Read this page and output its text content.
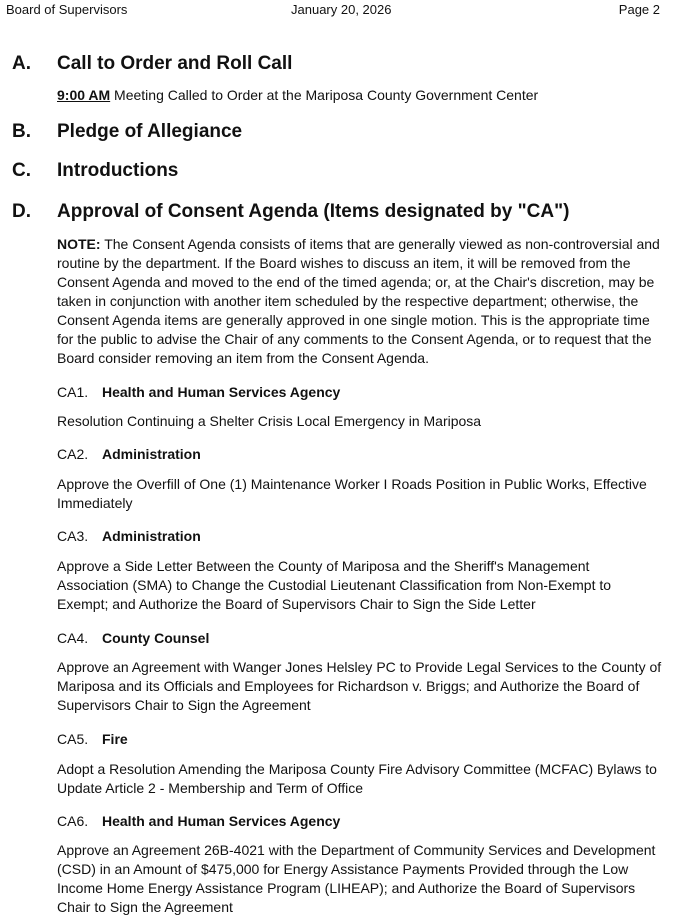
Board of Supervisors	January 20, 2026	Page 2
A. Call to Order and Roll Call
9:00 AM Meeting Called to Order at the Mariposa County Government Center
B. Pledge of Allegiance
C. Introductions
D. Approval of Consent Agenda (Items designated by "CA")
NOTE: The Consent Agenda consists of items that are generally viewed as non-controversial and routine by the department. If the Board wishes to discuss an item, it will be removed from the Consent Agenda and moved to the end of the timed agenda; or, at the Chair's discretion, may be taken in conjunction with another item scheduled by the respective department; otherwise, the Consent Agenda items are generally approved in one single motion. This is the appropriate time for the public to advise the Chair of any comments to the Consent Agenda, or to request that the Board consider removing an item from the Consent Agenda.
CA1. Health and Human Services Agency
Resolution Continuing a Shelter Crisis Local Emergency in Mariposa
CA2. Administration
Approve the Overfill of One (1) Maintenance Worker I Roads Position in Public Works, Effective Immediately
CA3. Administration
Approve a Side Letter Between the County of Mariposa and the Sheriff's Management Association (SMA) to Change the Custodial Lieutenant Classification from Non-Exempt to Exempt; and Authorize the Board of Supervisors Chair to Sign the Side Letter
CA4. County Counsel
Approve an Agreement with Wanger Jones Helsley PC to Provide Legal Services to the County of Mariposa and its Officials and Employees for Richardson v. Briggs; and Authorize the Board of Supervisors Chair to Sign the Agreement
CA5. Fire
Adopt a Resolution Amending the Mariposa County Fire Advisory Committee (MCFAC) Bylaws to Update Article 2 - Membership and Term of Office
CA6. Health and Human Services Agency
Approve an Agreement 26B-4021 with the Department of Community Services and Development (CSD) in an Amount of $475,000 for Energy Assistance Payments Provided through the Low Income Home Energy Assistance Program (LIHEAP); and Authorize the Board of Supervisors Chair to Sign the Agreement
